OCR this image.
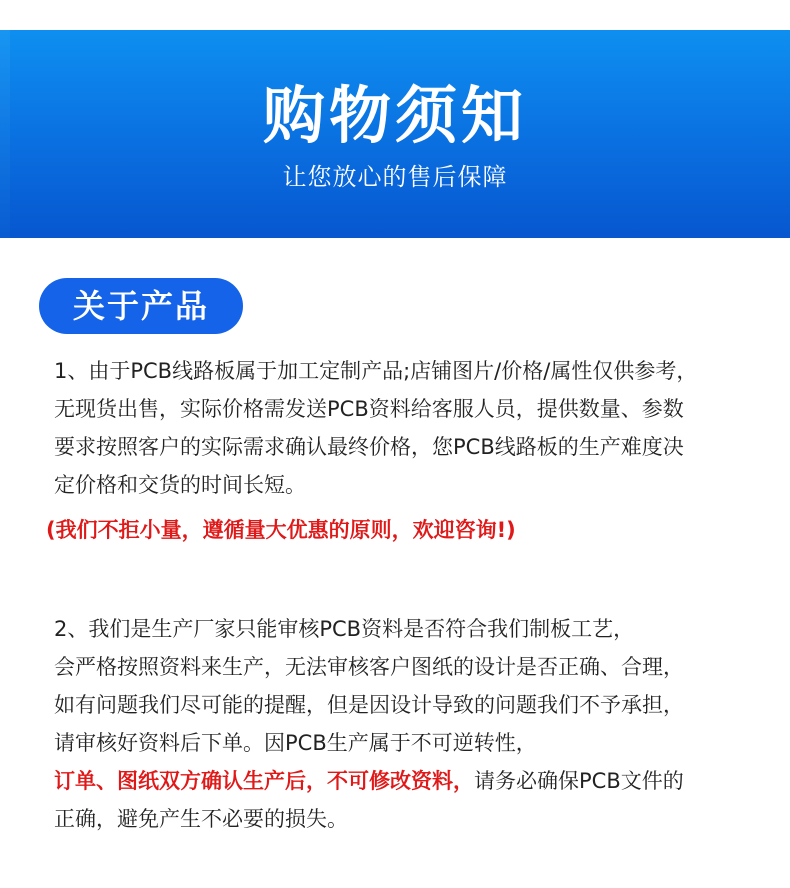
购物须知
让您放心的售后保障
关于产品
1、由于PCB线路板属于加工定制产品;店铺图片/价格/属性仅供参考，
无现货出售，实际价格需发送PCB资料给客服人员，提供数量、参数
要求按照客户的实际需求确认最终价格，您PCB线路板的生产难度决
定价格和交货的时间长短。
(我们不拒小量，遵循量大优惠的原则，欢迎咨询!)
2、我们是生产厂家只能审核PCB资料是否符合我们制板工艺，
会严格按照资料来生产，无法审核客户图纸的设计是否正确、合理，
如有问题我们尽可能的提醒，但是因设计导致的问题我们不予承担，
请审核好资料后下单。因PCB生产属于不可逆转性，
订单、图纸双方确认生产后，不可修改资料，请务必确保PCB文件的
正确，避免产生不必要的损失。
